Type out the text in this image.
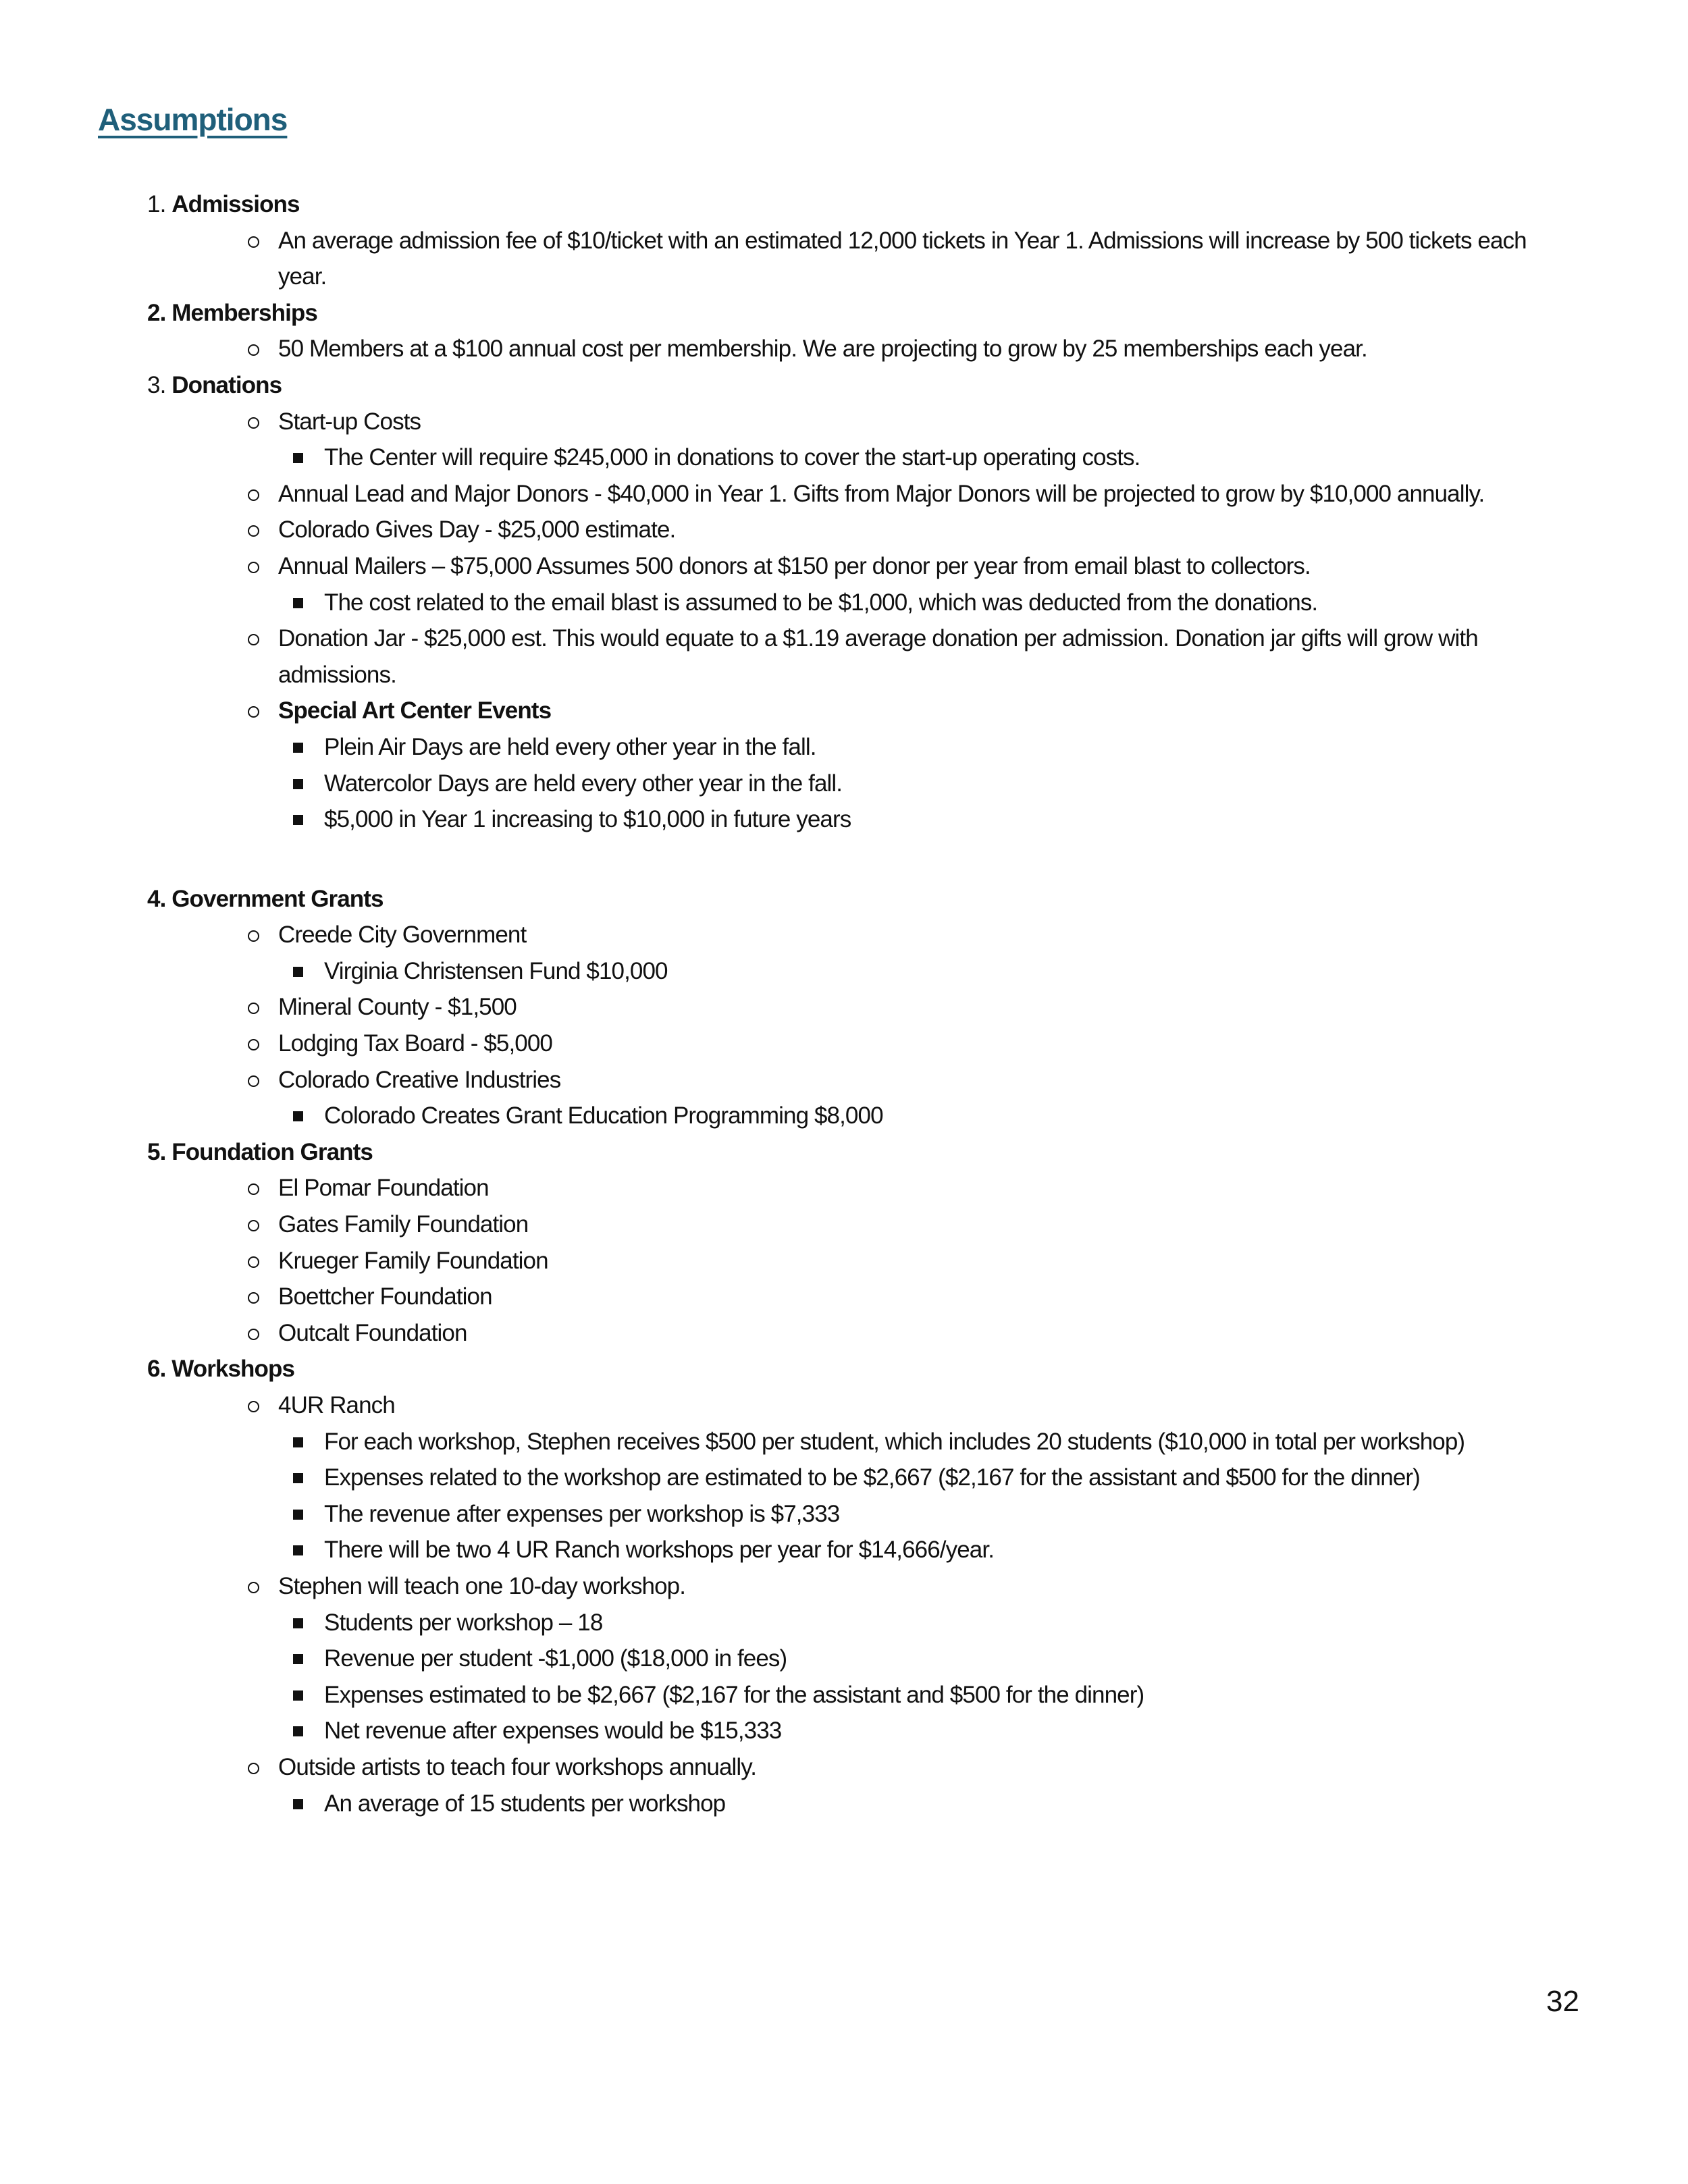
Assumptions
1. Admissions
An average admission fee of $10/ticket with an estimated 12,000 tickets in Year 1. Admissions will increase by 500 tickets each year.
2. Memberships
50 Members at a $100 annual cost per membership. We are projecting to grow by 25 memberships each year.
3. Donations
Start-up Costs
The Center will require $245,000 in donations to cover the start-up operating costs.
Annual Lead and Major Donors - $40,000 in Year 1. Gifts from Major Donors will be projected to grow by $10,000 annually.
Colorado Gives Day - $25,000 estimate.
Annual Mailers – $75,000 Assumes 500 donors at $150 per donor per year from email blast to collectors.
The cost related to the email blast is assumed to be $1,000, which was deducted from the donations.
Donation Jar - $25,000 est. This would equate to a $1.19 average donation per admission. Donation jar gifts will grow with admissions.
Special Art Center Events
Plein Air Days are held every other year in the fall.
Watercolor Days are held every other year in the fall.
$5,000 in Year 1 increasing to $10,000 in future years
4. Government Grants
Creede City Government
Virginia Christensen Fund $10,000
Mineral County - $1,500
Lodging Tax Board - $5,000
Colorado Creative Industries
Colorado Creates Grant Education Programming $8,000
5. Foundation Grants
El Pomar Foundation
Gates Family Foundation
Krueger Family Foundation
Boettcher Foundation
Outcalt Foundation
6. Workshops
4UR Ranch
For each workshop, Stephen receives $500 per student, which includes 20 students ($10,000 in total per workshop)
Expenses related to the workshop are estimated to be $2,667 ($2,167 for the assistant and $500 for the dinner)
The revenue after expenses per workshop is $7,333
There will be two 4 UR Ranch workshops per year for $14,666/year.
Stephen will teach one 10-day workshop.
Students per workshop – 18
Revenue per student -$1,000 ($18,000 in fees)
Expenses estimated to be $2,667 ($2,167 for the assistant and $500 for the dinner)
Net revenue after expenses would be $15,333
Outside artists to teach four workshops annually.
An average of 15 students per workshop
32
